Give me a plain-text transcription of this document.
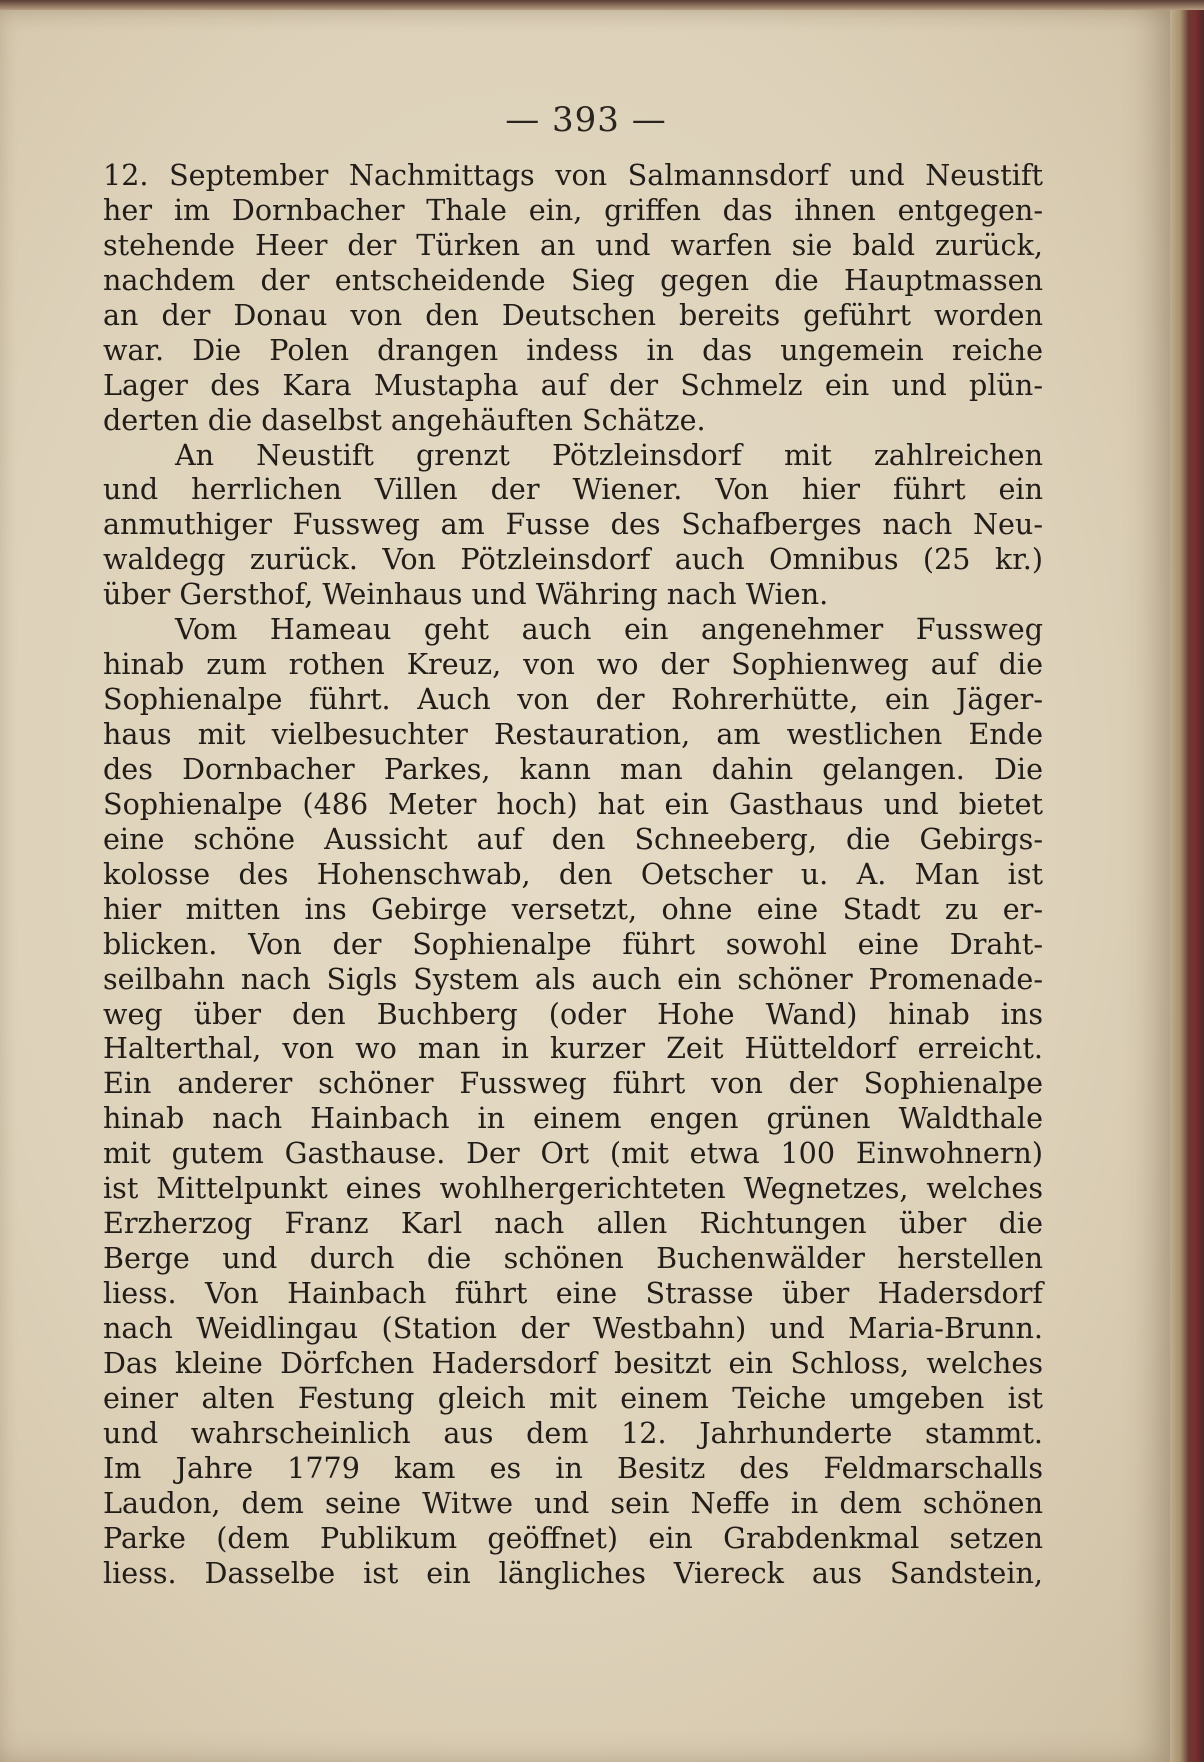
— 393 —
12. September Nachmittags von Salmannsdorf und Neustift
her im Dornbacher Thale ein, griffen das ihnen entgegen-
stehende Heer der Türken an und warfen sie bald zurück,
nachdem der entscheidende Sieg gegen die Hauptmassen
an der Donau von den Deutschen bereits geführt worden
war. Die Polen drangen indess in das ungemein reiche
Lager des Kara Mustapha auf der Schmelz ein und plün-
derten die daselbst angehäuften Schätze.
An Neustift grenzt Pötzleinsdorf mit zahlreichen
und herrlichen Villen der Wiener. Von hier führt ein
anmuthiger Fussweg am Fusse des Schafberges nach Neu-
waldegg zurück. Von Pötzleinsdorf auch Omnibus (25 kr.)
über Gersthof, Weinhaus und Währing nach Wien.
Vom Hameau geht auch ein angenehmer Fussweg
hinab zum rothen Kreuz, von wo der Sophienweg auf die
Sophienalpe führt. Auch von der Rohrerhütte, ein Jäger-
haus mit vielbesuchter Restauration, am westlichen Ende
des Dornbacher Parkes, kann man dahin gelangen. Die
Sophienalpe (486 Meter hoch) hat ein Gasthaus und bietet
eine schöne Aussicht auf den Schneeberg, die Gebirgs-
kolosse des Hohenschwab, den Oetscher u. A. Man ist
hier mitten ins Gebirge versetzt, ohne eine Stadt zu er-
blicken. Von der Sophienalpe führt sowohl eine Draht-
seilbahn nach Sigls System als auch ein schöner Promenade-
weg über den Buchberg (oder Hohe Wand) hinab ins
Halterthal, von wo man in kurzer Zeit Hütteldorf erreicht.
Ein anderer schöner Fussweg führt von der Sophienalpe
hinab nach Hainbach in einem engen grünen Waldthale
mit gutem Gasthause. Der Ort (mit etwa 100 Einwohnern)
ist Mittelpunkt eines wohlhergerichteten Wegnetzes, welches
Erzherzog Franz Karl nach allen Richtungen über die
Berge und durch die schönen Buchenwälder herstellen
liess. Von Hainbach führt eine Strasse über Hadersdorf
nach Weidlingau (Station der Westbahn) und Maria-Brunn.
Das kleine Dörfchen Hadersdorf besitzt ein Schloss, welches
einer alten Festung gleich mit einem Teiche umgeben ist
und wahrscheinlich aus dem 12. Jahrhunderte stammt.
Im Jahre 1779 kam es in Besitz des Feldmarschalls
Laudon, dem seine Witwe und sein Neffe in dem schönen
Parke (dem Publikum geöffnet) ein Grabdenkmal setzen
liess. Dasselbe ist ein längliches Viereck aus Sandstein,
